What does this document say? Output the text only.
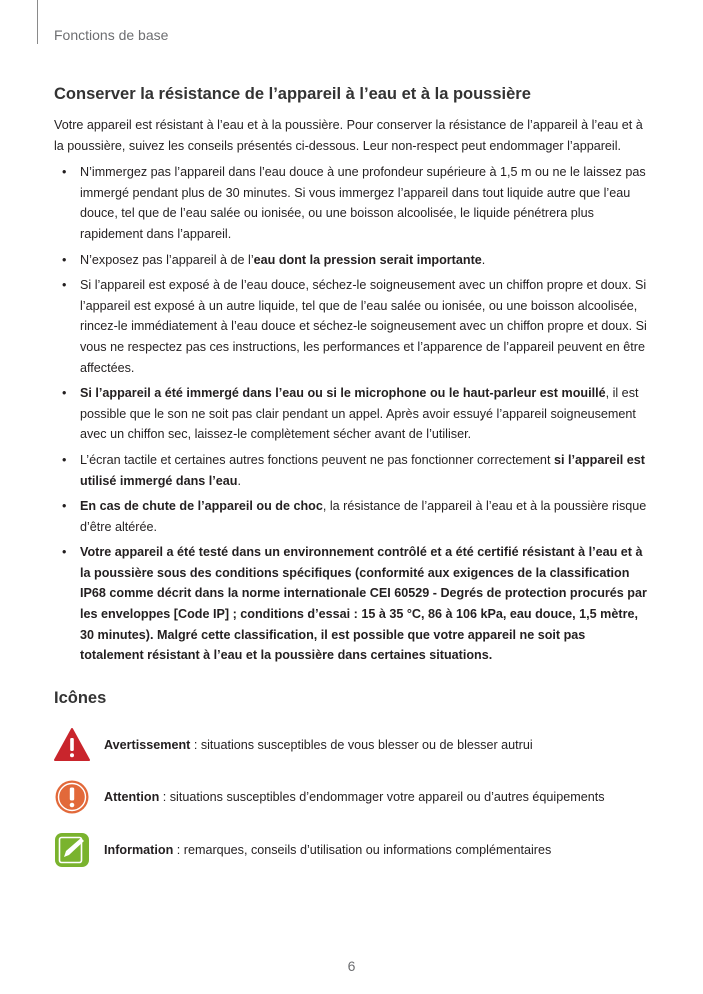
Fonctions de base
Conserver la résistance de l’appareil à l’eau et à la poussière

Votre appareil est résistant à l’eau et à la poussière. Pour conserver la résistance de l’appareil à l’eau et à la poussière, suivez les conseils présentés ci-dessous. Leur non-respect peut endommager l’appareil.

• N’immergez pas l’appareil dans l’eau douce à une profondeur supérieure à 1,5 m ou ne le laissez pas immergé pendant plus de 30 minutes. Si vous immergez l’appareil dans tout liquide autre que l’eau douce, tel que de l’eau salée ou ionisée, ou une boisson alcoolisée, le liquide pénétrera plus rapidement dans l’appareil.
• N’exposez pas l’appareil à de l’eau dont la pression serait importante.
• Si l’appareil est exposé à de l’eau douce, séchez-le soigneusement avec un chiffon propre et doux. Si l’appareil est exposé à un autre liquide, tel que de l’eau salée ou ionisée, ou une boisson alcoolisée, rincez-le immédiatement à l’eau douce et séchez-le soigneusement avec un chiffon propre et doux. Si vous ne respectez pas ces instructions, les performances et l’apparence de l’appareil peuvent en être affectées.
• Si l’appareil a été immergé dans l’eau ou si le microphone ou le haut-parleur est mouillé, il est possible que le son ne soit pas clair pendant un appel. Après avoir essuyé l’appareil soigneusement avec un chiffon sec, laissez-le complètement sécher avant de l’utiliser.
• L’écran tactile et certaines autres fonctions peuvent ne pas fonctionner correctement si l’appareil est utilisé immergé dans l’eau.
• En cas de chute de l’appareil ou de choc, la résistance de l’appareil à l’eau et à la poussière risque d’être altérée.
• Votre appareil a été testé dans un environnement contrôlé et a été certifié résistant à l’eau et à la poussière sous des conditions spécifiques (conformité aux exigences de la classification IP68 comme décrit dans la norme internationale CEI 60529 - Degrés de protection procurés par les enveloppes [Code IP] ; conditions d’essai : 15 à 35 °C, 86 à 106 kPa, eau douce, 1,5 mètre, 30 minutes). Malgré cette classification, il est possible que votre appareil ne soit pas totalement résistant à l’eau et la poussière dans certaines situations.
Icônes
Avertissement : situations susceptibles de vous blesser ou de blesser autrui
Attention : situations susceptibles d’endommager votre appareil ou d’autres équipements
Information : remarques, conseils d’utilisation ou informations complémentaires
6
